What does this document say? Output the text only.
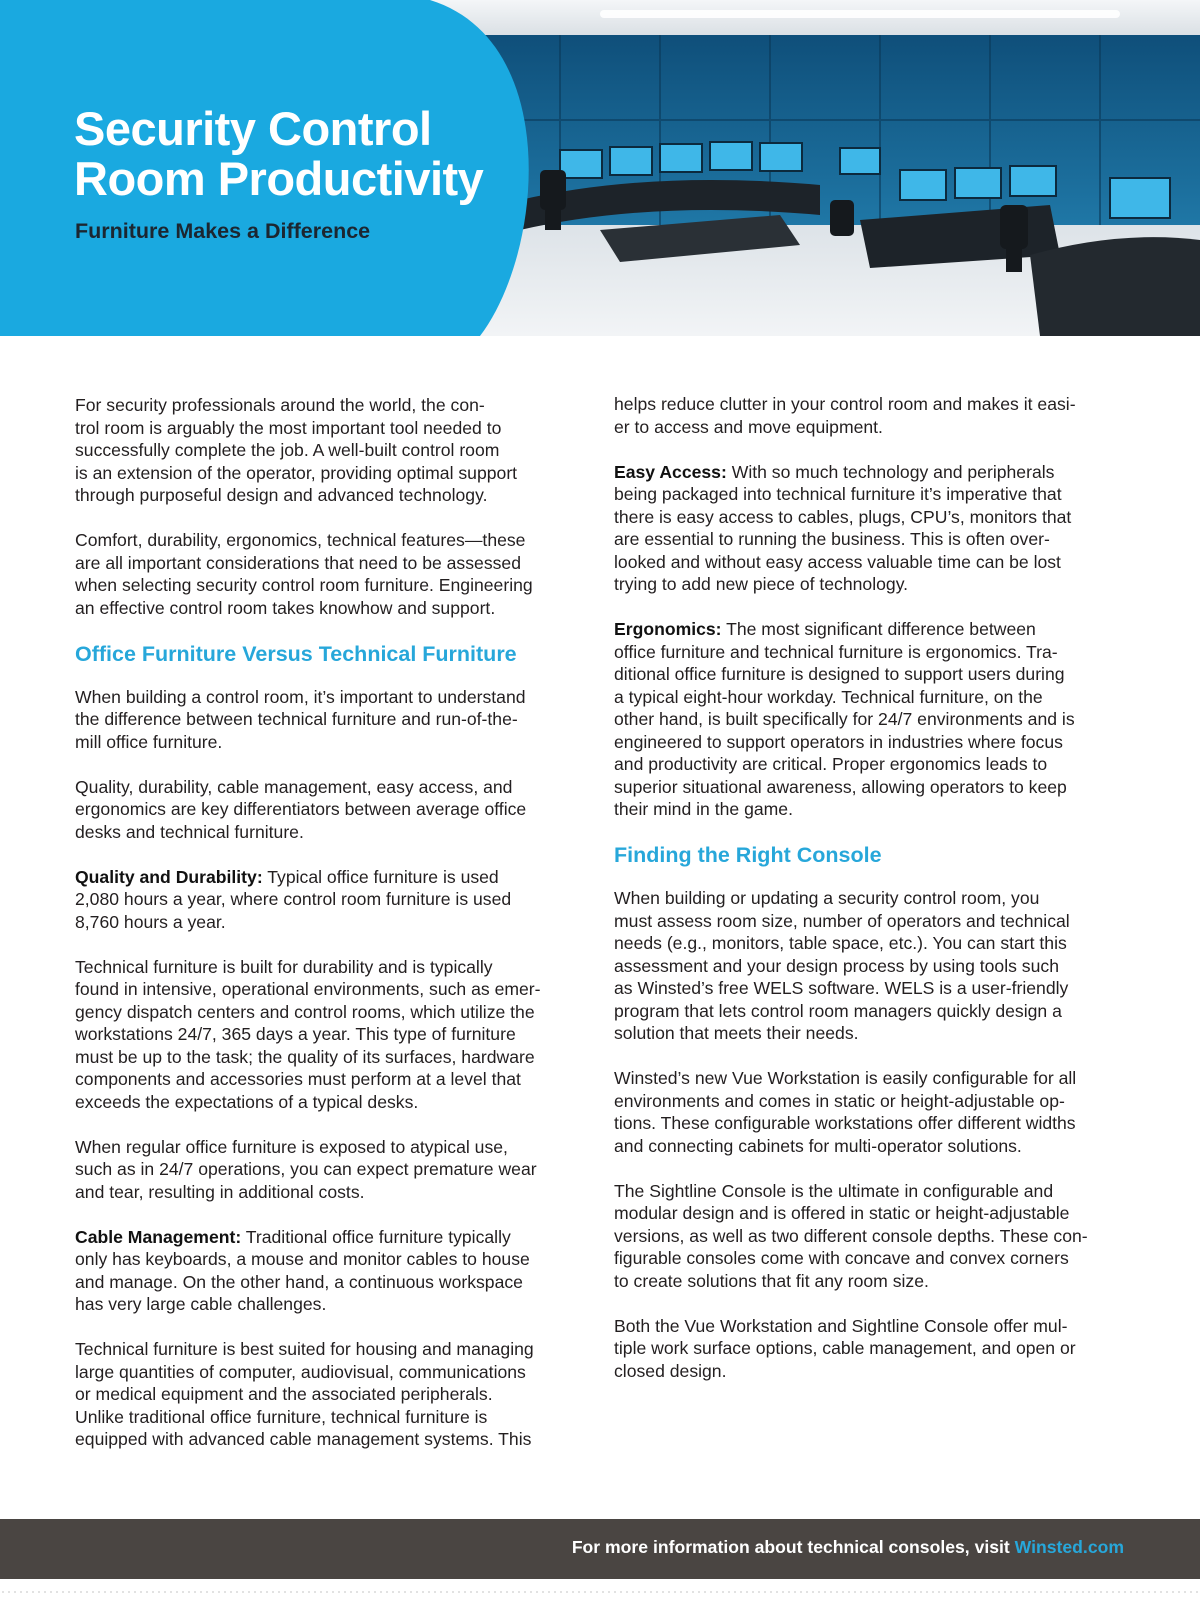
Security Control
Room Productivity
Furniture Makes a Difference

For security professionals around the world, the con-
trol room is arguably the most important tool needed to
successfully complete the job. A well-built control room
is an extension of the operator, providing optimal support
through purposeful design and advanced technology.

Comfort, durability, ergonomics, technical features—these
are all important considerations that need to be assessed
when selecting security control room furniture. Engineering
an effective control room takes knowhow and support.

Office Furniture Versus Technical Furniture

When building a control room, it’s important to understand
the difference between technical furniture and run-of-the-
mill office furniture.

Quality, durability, cable management, easy access, and
ergonomics are key differentiators between average office
desks and technical furniture.

Quality and Durability: Typical office furniture is used
2,080 hours a year, where control room furniture is used
8,760 hours a year.

Technical furniture is built for durability and is typically
found in intensive, operational environments, such as emer-
gency dispatch centers and control rooms, which utilize the
workstations 24/7, 365 days a year. This type of furniture
must be up to the task; the quality of its surfaces, hardware
components and accessories must perform at a level that
exceeds the expectations of a typical desks.

When regular office furniture is exposed to atypical use,
such as in 24/7 operations, you can expect premature wear
and tear, resulting in additional costs.

Cable Management: Traditional office furniture typically
only has keyboards, a mouse and monitor cables to house
and manage. On the other hand, a continuous workspace
has very large cable challenges.

Technical furniture is best suited for housing and managing
large quantities of computer, audiovisual, communications
or medical equipment and the associated peripherals.
Unlike traditional office furniture, technical furniture is
equipped with advanced cable management systems. This

helps reduce clutter in your control room and makes it easi-
er to access and move equipment.

Easy Access: With so much technology and peripherals
being packaged into technical furniture it’s imperative that
there is easy access to cables, plugs, CPU’s, monitors that
are essential to running the business. This is often over-
looked and without easy access valuable time can be lost
trying to add new piece of technology.

Ergonomics: The most significant difference between
office furniture and technical furniture is ergonomics. Tra-
ditional office furniture is designed to support users during
a typical eight-hour workday. Technical furniture, on the
other hand, is built specifically for 24/7 environments and is
engineered to support operators in industries where focus
and productivity are critical. Proper ergonomics leads to
superior situational awareness, allowing operators to keep
their mind in the game.

Finding the Right Console

When building or updating a security control room, you
must assess room size, number of operators and technical
needs (e.g., monitors, table space, etc.). You can start this
assessment and your design process by using tools such
as Winsted’s free WELS software. WELS is a user-friendly
program that lets control room managers quickly design a
solution that meets their needs.

Winsted’s new Vue Workstation is easily configurable for all
environments and comes in static or height-adjustable op-
tions. These configurable workstations offer different widths
and connecting cabinets for multi-operator solutions.

The Sightline Console is the ultimate in configurable and
modular design and is offered in static or height-adjustable
versions, as well as two different console depths. These con-
figurable consoles come with concave and convex corners
to create solutions that fit any room size.

Both the Vue Workstation and Sightline Console offer mul-
tiple work surface options, cable management, and open or
closed design.

For more information about technical consoles, visit Winsted.com
